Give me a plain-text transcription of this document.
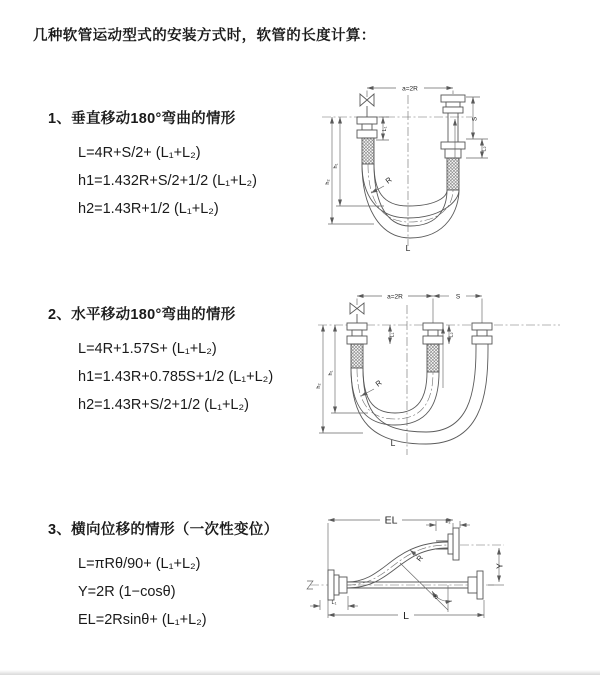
几种软管运动型式的安装方式时，软管的长度计算：
1、垂直移动180°弯曲的情形
L=4R+S/2+ (L₁+L₂)
h1=1.432R+S/2+1/2 (L₁+L₂)
h2=1.43R+1/2 (L₁+L₂)
2、水平移动180°弯曲的情形
L=4R+1.57S+ (L₁+L₂)
h1=1.43R+0.785S+1/2 (L₁+L₂)
h2=1.43R+S/2+1/2 (L₁+L₂)
3、横向位移的情形（一次性变位）
L=πRθ/90+ (L₁+L₂)
Y=2R (1−cosθ)
EL=2Rsinθ+ (L₁+L₂)
a=2R
h₁
h₂
L₁
S
L₂
R
L
a=2R	S
h₁
h₂
L₁	L₂
R
L
EL	L₂
R
θ
Y
L₁
L
